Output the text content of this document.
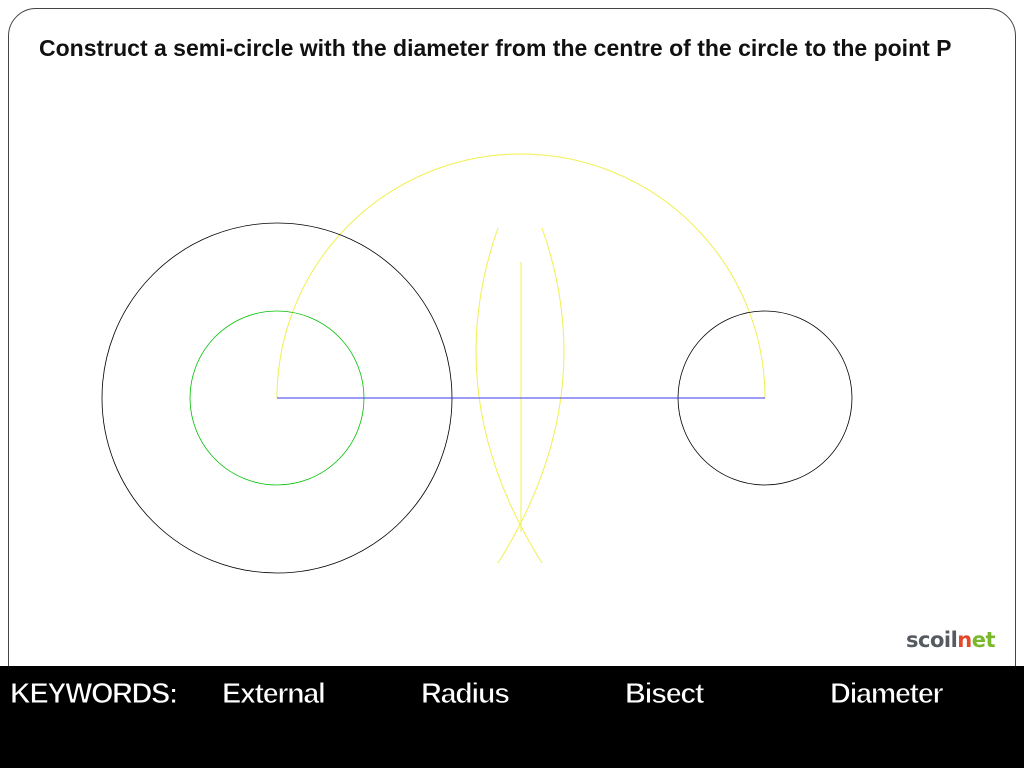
Construct a semi-circle with the diameter from the centre of the circle to the point P

scoilnet
KEYWORDS: External	Radius	Bisect	Diameter
